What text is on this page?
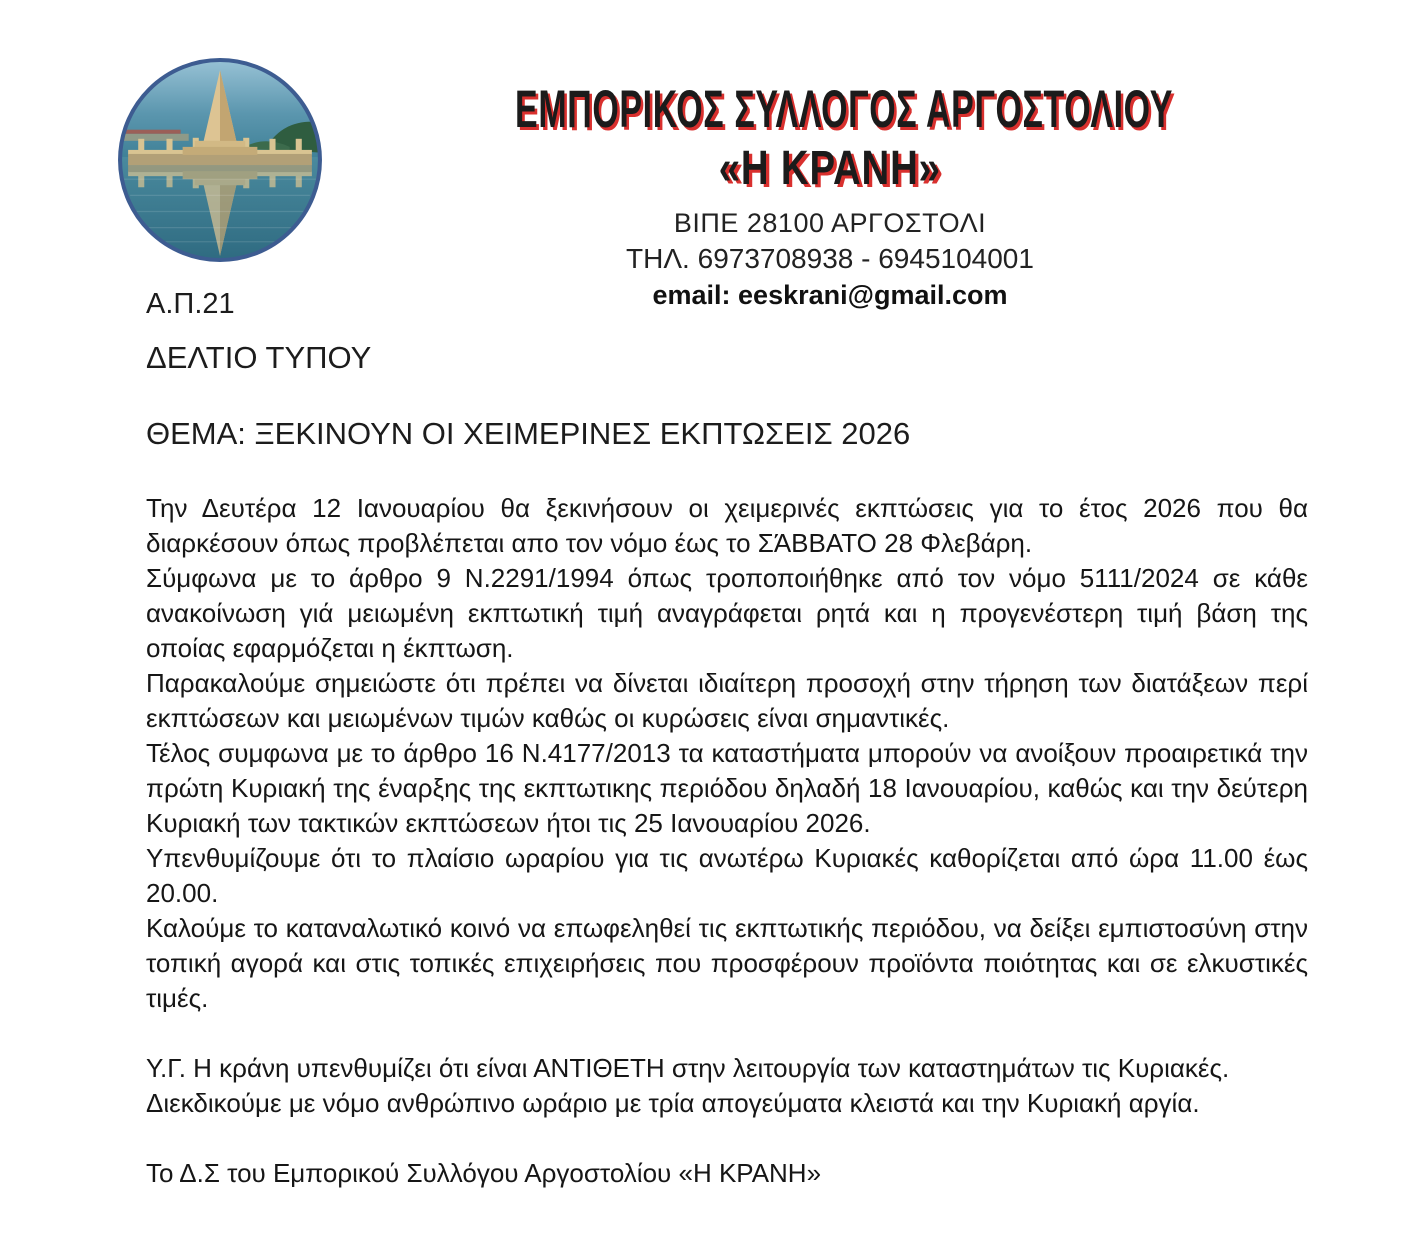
ΕΜΠΟΡΙΚΟΣ ΣΥΛΛΟΓΟΣ ΑΡΓΟΣΤΟΛΙΟΥ
«Η ΚΡΑΝΗ»
ΒΙΠΕ 28100 ΑΡΓΟΣΤΟΛΙ
ΤΗΛ. 6973708938 - 6945104001
email: eeskrani@gmail.com
Α.Π.21
ΔΕΛΤΙΟ ΤΥΠΟΥ
ΘΕΜΑ: ΞΕΚΙΝΟΥΝ ΟΙ ΧΕΙΜΕΡΙΝΕΣ ΕΚΠΤΩΣΕΙΣ 2026

Την Δευτέρα 12 Ιανουαρίου θα ξεκινήσουν οι χειμερινές εκπτώσεις για το έτος 2026 που θα διαρκέσουν όπως προβλέπεται απο τον νόμο έως το ΣΆΒΒΑΤΟ 28 Φλεβάρη.

Σύμφωνα με το άρθρο 9 Ν.2291/1994 όπως τροποποιήθηκε από τον νόμο 5111/2024 σε κάθε ανακοίνωση γιά μειωμένη εκπτωτική τιμή αναγράφεται ρητά και η προγενέστερη τιμή βάση της οποίας εφαρμόζεται η έκπτωση.

Παρακαλούμε σημειώστε ότι πρέπει να δίνεται ιδιαίτερη προσοχή στην τήρηση των διατάξεων περί εκπτώσεων και μειωμένων τιμών καθώς οι κυρώσεις είναι σημαντικές.

Τέλος συμφωνα με το άρθρο 16 Ν.4177/2013 τα καταστήματα μπορούν να ανοίξουν προαιρετικά την πρώτη Κυριακή της έναρξης της εκπτωτικης περιόδου δηλαδή 18 Ιανουαρίου, καθώς και την δεύτερη Κυριακή των τακτικών εκπτώσεων ήτοι τις 25 Ιανουαρίου 2026.

Υπενθυμίζουμε ότι το πλαίσιο ωραρίου για τις ανωτέρω Κυριακές καθορίζεται από ώρα 11.00 έως 20.00.

Καλούμε το καταναλωτικό κοινό να επωφεληθεί τις εκπτωτικής περιόδου, να δείξει εμπιστοσύνη στην τοπική αγορά και στις τοπικές επιχειρήσεις που προσφέρουν προϊόντα ποιότητας και σε ελκυστικές τιμές.

Υ.Γ. Η κράνη υπενθυμίζει ότι είναι ΑΝΤΙΘΕΤΗ στην λειτουργία των καταστημάτων τις Κυριακές.
Διεκδικούμε με νόμο ανθρώπινο ωράριο με τρία απογεύματα κλειστά και την Κυριακή αργία.
Το Δ.Σ του Εμπορικού Συλλόγου Αργοστολίου «Η ΚΡΑΝΗ»
